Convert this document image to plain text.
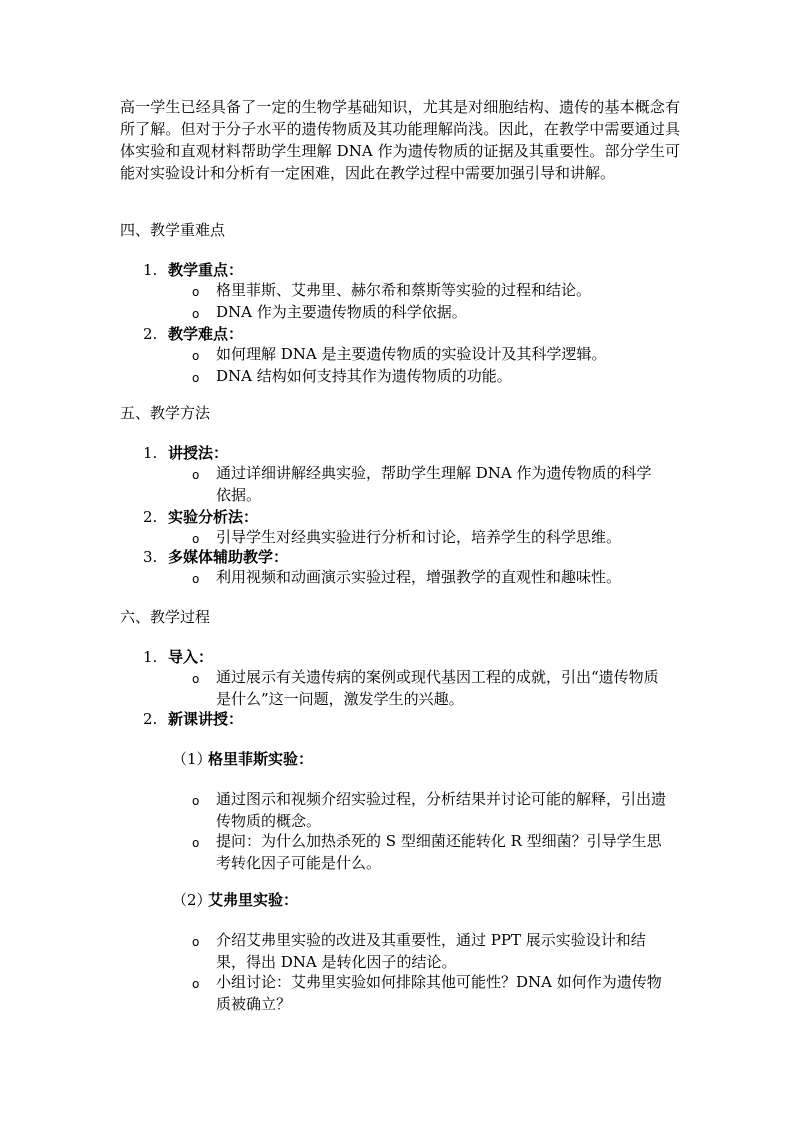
高一学生已经具备了一定的生物学基础知识，尤其是对细胞结构、遗传的基本概念有所了解。但对于分子水平的遗传物质及其功能理解尚浅。因此，在教学中需要通过具体实验和直观材料帮助学生理解 DNA 作为遗传物质的证据及其重要性。部分学生可能对实验设计和分析有一定困难，因此在教学过程中需要加强引导和讲解。

四、教学重难点

1. 教学重点：
o 格里菲斯、艾弗里、赫尔希和蔡斯等实验的过程和结论。
o DNA 作为主要遗传物质的科学依据。
2. 教学难点：
o 如何理解 DNA 是主要遗传物质的实验设计及其科学逻辑。
o DNA 结构如何支持其作为遗传物质的功能。

五、教学方法

1. 讲授法：
o 通过详细讲解经典实验，帮助学生理解 DNA 作为遗传物质的科学依据。
2. 实验分析法：
o 引导学生对经典实验进行分析和讨论，培养学生的科学思维。
3. 多媒体辅助教学：
o 利用视频和动画演示实验过程，增强教学的直观性和趣味性。

六、教学过程

1. 导入：
o 通过展示有关遗传病的案例或现代基因工程的成就，引出“遗传物质是什么”这一问题，激发学生的兴趣。
2. 新课讲授：
（1）
格里菲斯实验：
o 通过图示和视频介绍实验过程，分析结果并讨论可能的解释，引出遗传物质的概念。
o 提问：为什么加热杀死的 S 型细菌还能转化 R 型细菌？引导学生思考转化因子可能是什么。
（2）
艾弗里实验：
o 介绍艾弗里实验的改进及其重要性，通过 PPT 展示实验设计和结果，得出 DNA 是转化因子的结论。
o 小组讨论：艾弗里实验如何排除其他可能性？DNA 如何作为遗传物质被确立？
